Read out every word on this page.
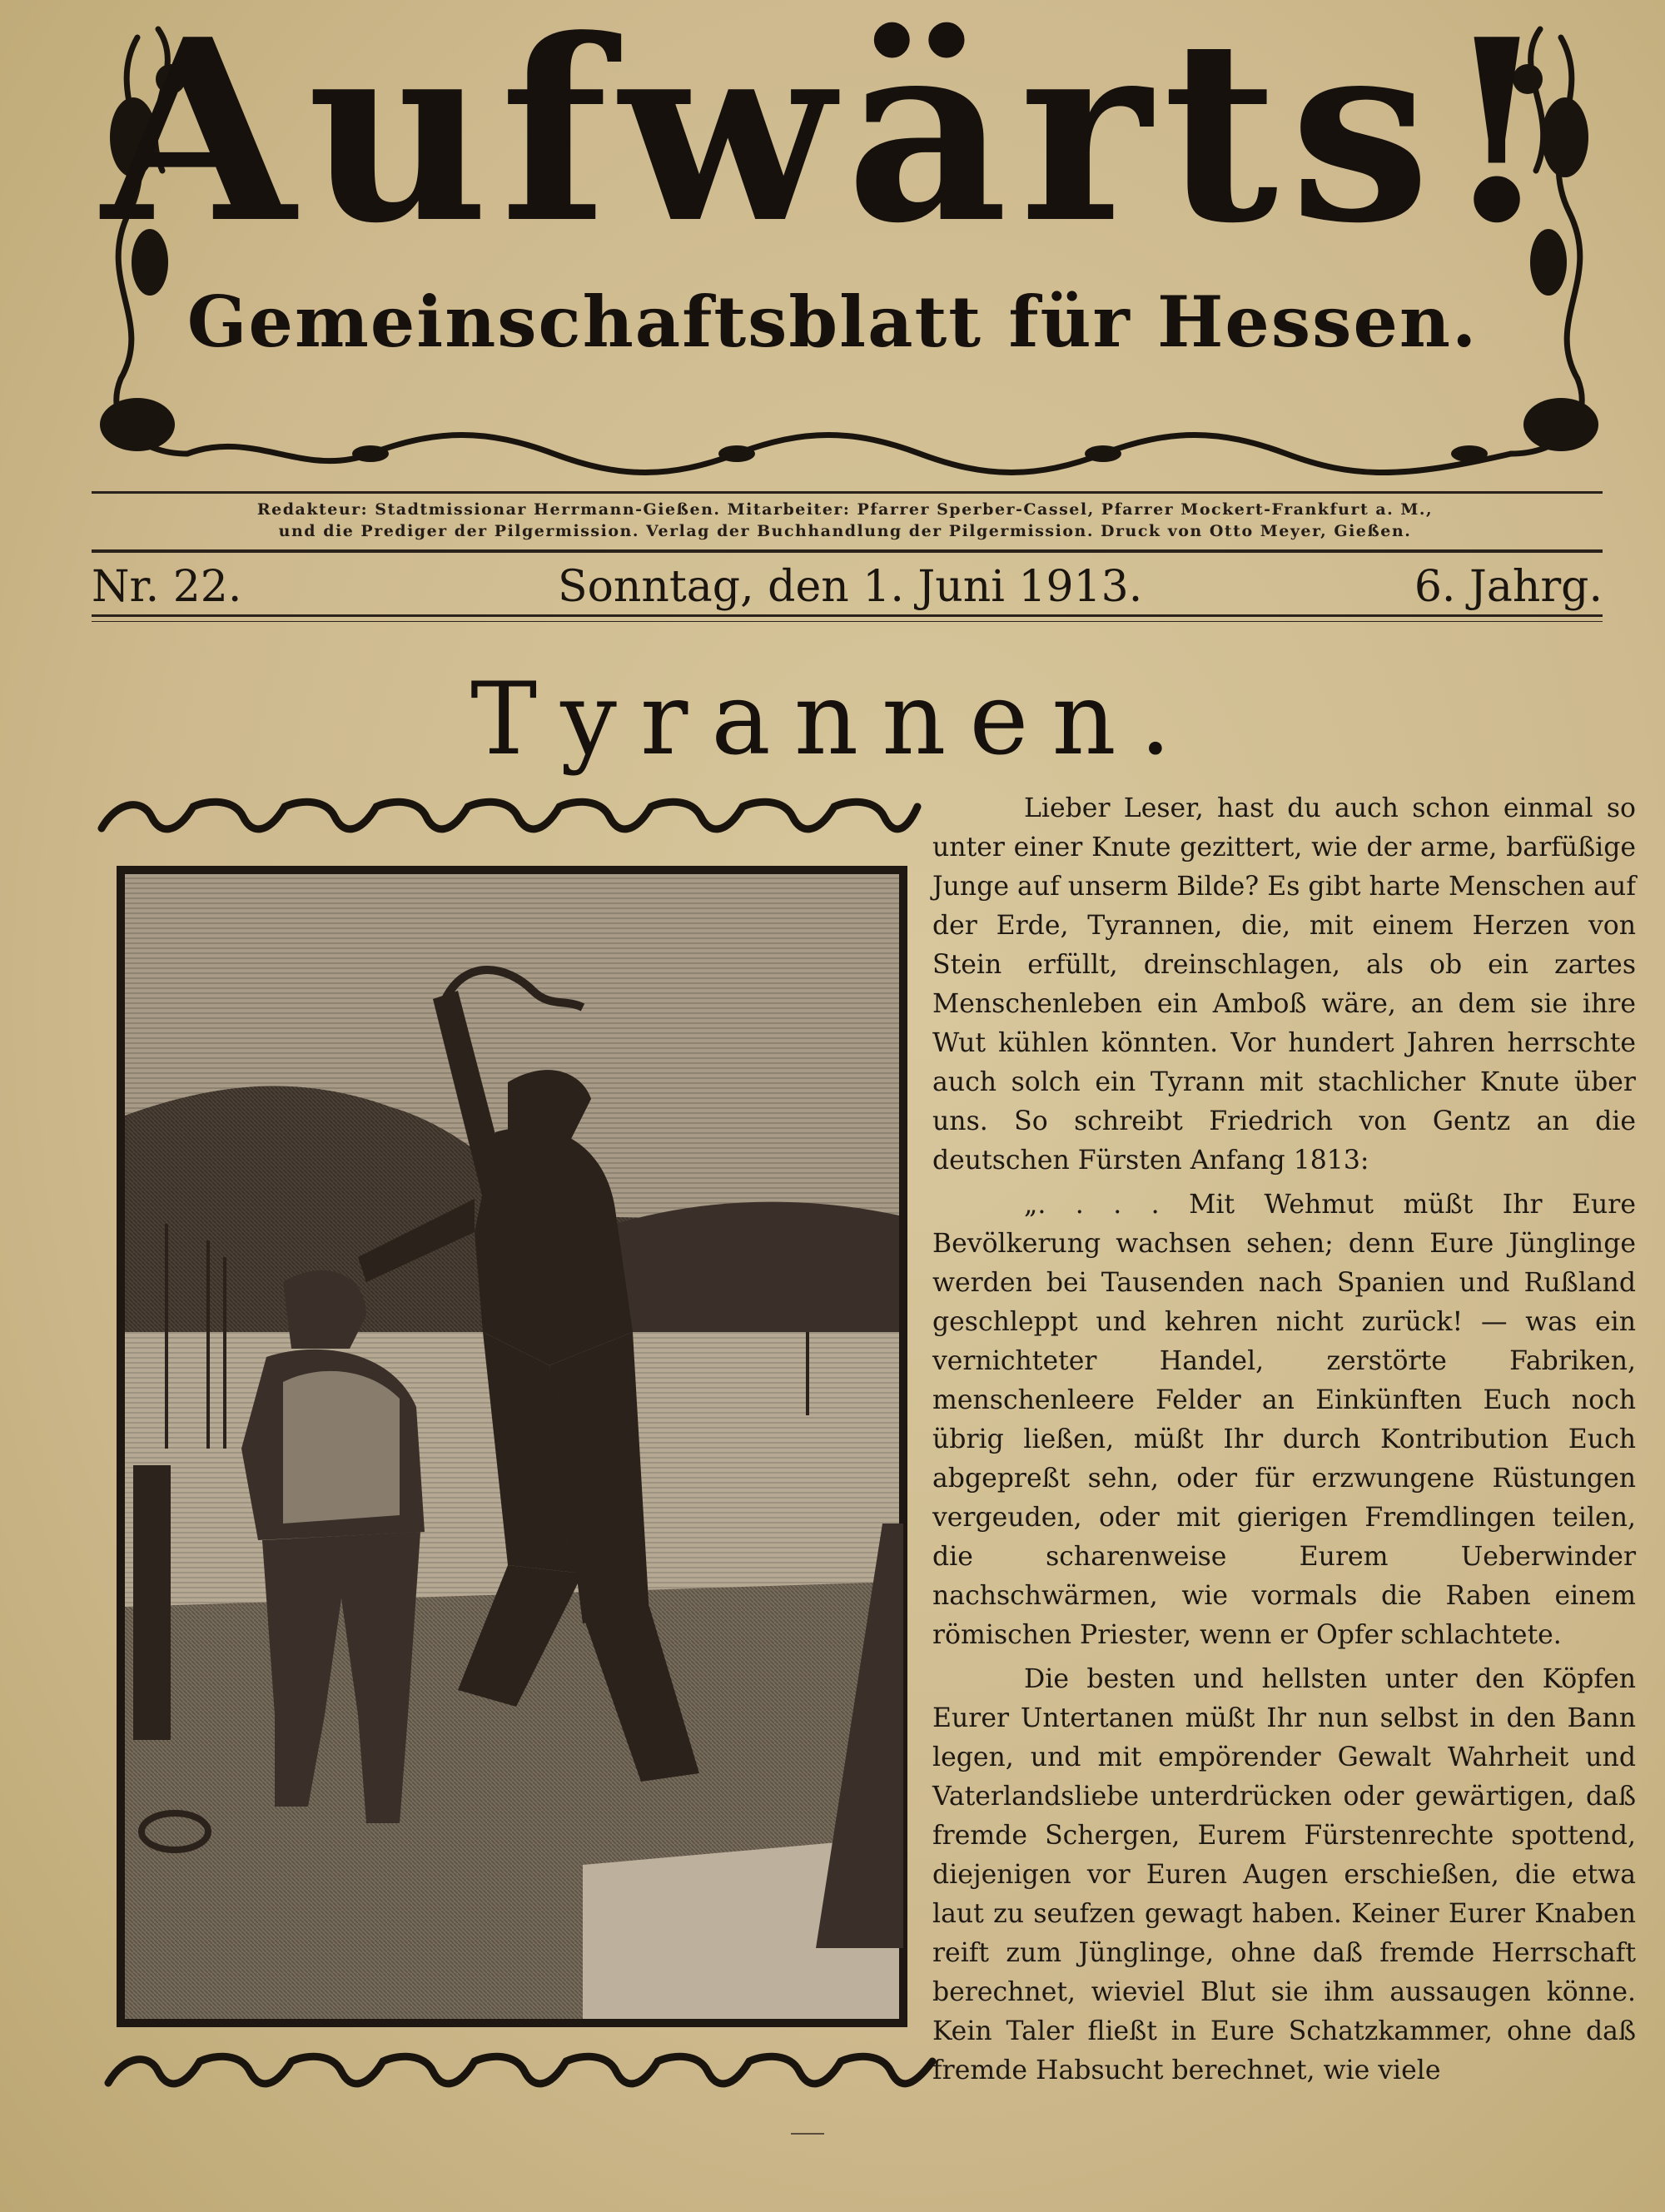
Aufwärts!
Gemeinschaftsblatt für Hessen.
Redakteur: Stadtmissionar Herrmann-Gießen. Mitarbeiter: Pfarrer Sperber-Cassel, Pfarrer Mockert-Frankfurt a. M.,
und die Prediger der Pilgermission. Verlag der Buchhandlung der Pilgermission. Druck von Otto Meyer, Gießen.
Nr. 22.	Sonntag, den 1. Juni 1913.	6. Jahrg.
Tyrannen.

Lieber Leser, hast du auch schon einmal so unter einer Knute gezittert, wie der arme, barfüßige Junge auf unserm Bilde? Es gibt harte Menschen auf der Erde, Tyrannen, die, mit einem Herzen von Stein erfüllt, dreinschlagen, als ob ein zartes Menschenleben ein Amboß wäre, an dem sie ihre Wut kühlen könnten. Vor hundert Jahren herrschte auch solch ein Tyrann mit stachlicher Knute über uns. So schreibt Friedrich von Gentz an die deutschen Fürsten Anfang 1813:

„. . . . Mit Wehmut müßt Ihr Eure Bevölkerung wachsen sehen; denn Eure Jünglinge werden bei Tausenden nach Spanien und Rußland geschleppt und kehren nicht zurück! — was ein vernichteter Handel, zerstörte Fabriken, menschenleere Felder an Einkünften Euch noch übrig ließen, müßt Ihr durch Kontribution Euch abgepreßt sehn, oder für erzwungene Rüstungen vergeuden, oder mit gierigen Fremdlingen teilen, die scharenweise Eurem Ueberwinder nachschwärmen, wie vormals die Raben einem römischen Priester, wenn er Opfer schlachtete.

Die besten und hellsten unter den Köpfen Eurer Untertanen müßt Ihr nun selbst in den Bann legen, und mit empörender Gewalt Wahrheit und Vaterlandsliebe unterdrücken oder gewärtigen, daß fremde Schergen, Eurem Fürstenrechte spottend, diejenigen vor Euren Augen erschießen, die etwa laut zu seufzen gewagt haben. Keiner Eurer Knaben reift zum Jünglinge, ohne daß fremde Herrschaft berechnet, wieviel Blut sie ihm aussaugen könne. Kein Taler fließt in Eure Schatzkammer, ohne daß fremde Habsucht berechnet, wie viele
